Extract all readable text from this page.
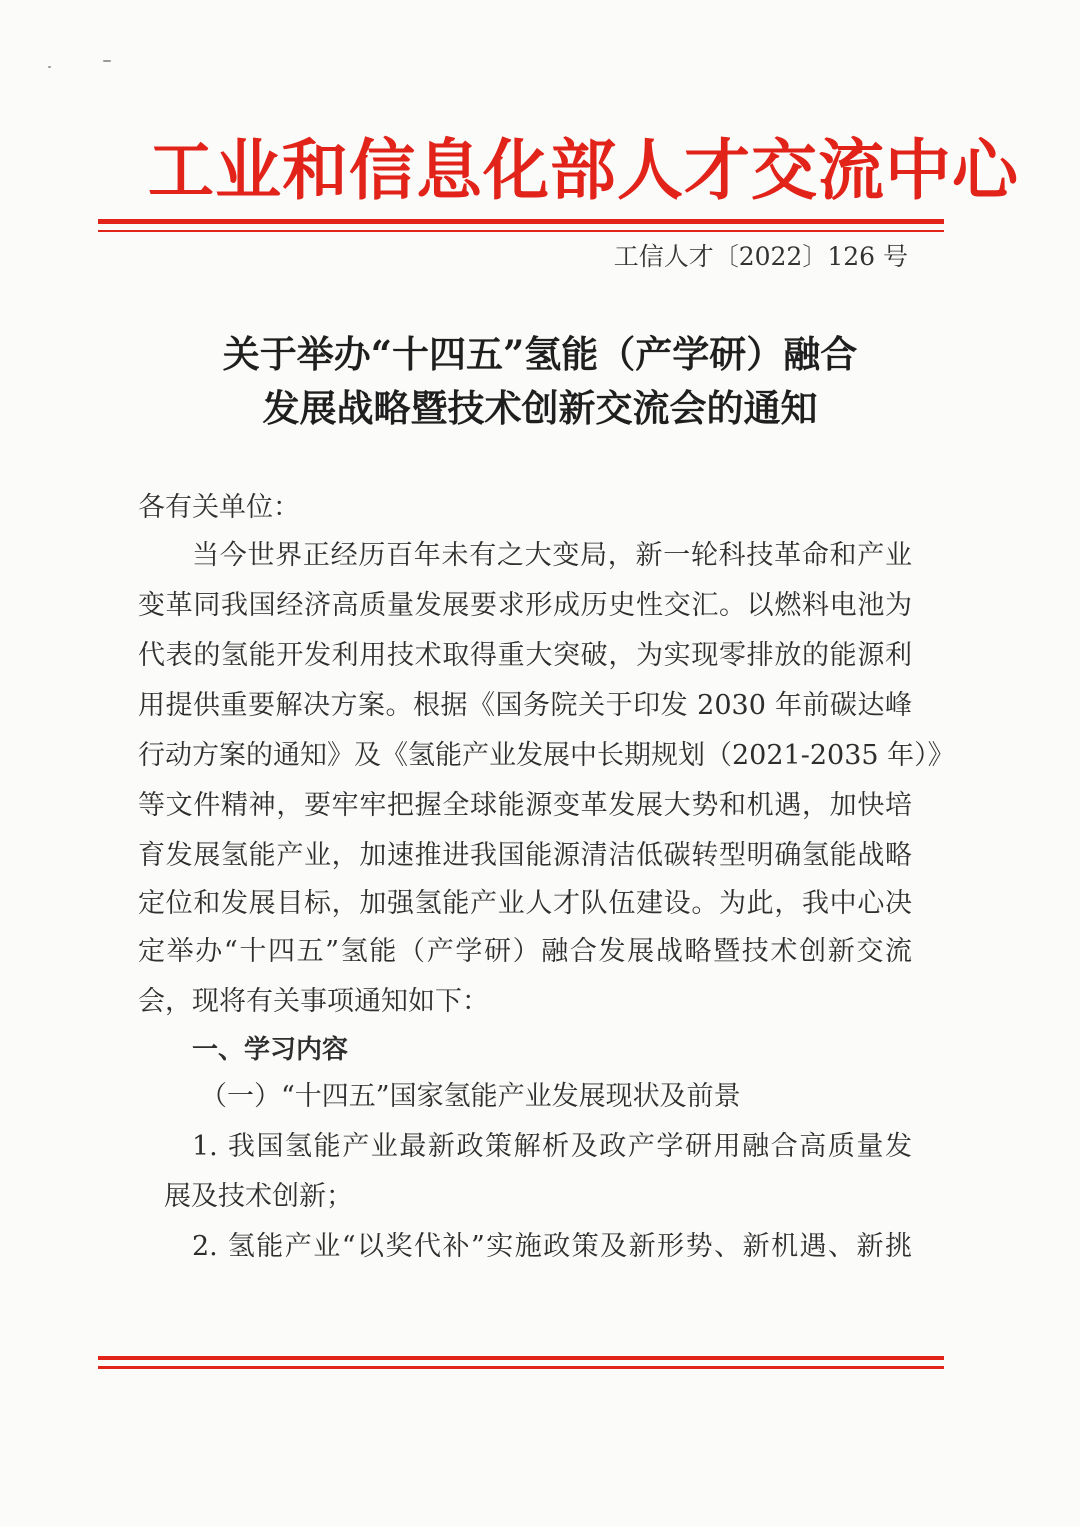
工业和信息化部人才交流中心
工信人才〔2022〕126 号
关于举办“十四五”氢能（产学研）融合
发展战略暨技术创新交流会的通知
各有关单位：
当今世界正经历百年未有之大变局，新一轮科技革命和产业
变革同我国经济高质量发展要求形成历史性交汇。以燃料电池为
代表的氢能开发利用技术取得重大突破，为实现零排放的能源利
用提供重要解决方案。根据《国务院关于印发 2030 年前碳达峰
行动方案的通知》及《氢能产业发展中长期规划（2021-2035 年）》
等文件精神，要牢牢把握全球能源变革发展大势和机遇，加快培
育发展氢能产业，加速推进我国能源清洁低碳转型明确氢能战略
定位和发展目标，加强氢能产业人才队伍建设。为此，我中心决
定举办“十四五”氢能（产学研）融合发展战略暨技术创新交流
会，现将有关事项通知如下：
一、学习内容
（一）“十四五”国家氢能产业发展现状及前景
1. 我国氢能产业最新政策解析及政产学研用融合高质量发
展及技术创新；
2. 氢能产业“以奖代补”实施政策及新形势、新机遇、新挑
